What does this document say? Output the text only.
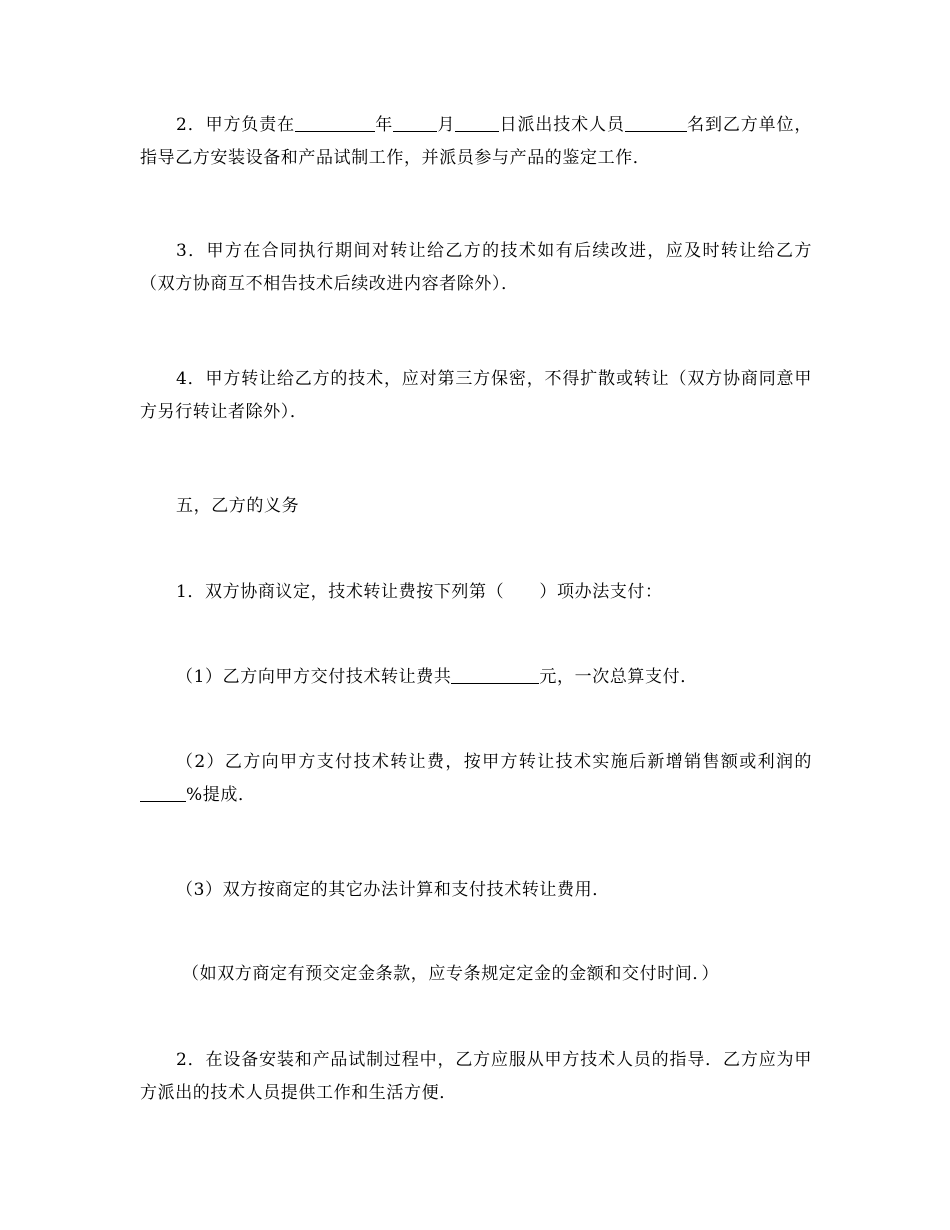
2．甲方负责在	年	月	日派出技术人员	名到乙方单位，指导乙方安装设备和产品试制工作，并派员参与产品的鉴定工作．

3．甲方在合同执行期间对转让给乙方的技术如有后续改进，应及时转让给乙方（双方协商互不相告技术后续改进内容者除外）．

4．甲方转让给乙方的技术，应对第三方保密，不得扩散或转让（双方协商同意甲方另行转让者除外）．

五，乙方的义务

1．双方协商议定，技术转让费按下列第（　　）项办法支付：

（1）乙方向甲方交付技术转让费共	元，一次总算支付．

（2）乙方向甲方支付技术转让费，按甲方转让技术实施后新增销售额或利润的%提成．

（3）双方按商定的其它办法计算和支付技术转让费用．

（如双方商定有预交定金条款，应专条规定定金的金额和交付时间．）

2．在设备安装和产品试制过程中，乙方应服从甲方技术人员的指导．乙方应为甲方派出的技术人员提供工作和生活方便．
